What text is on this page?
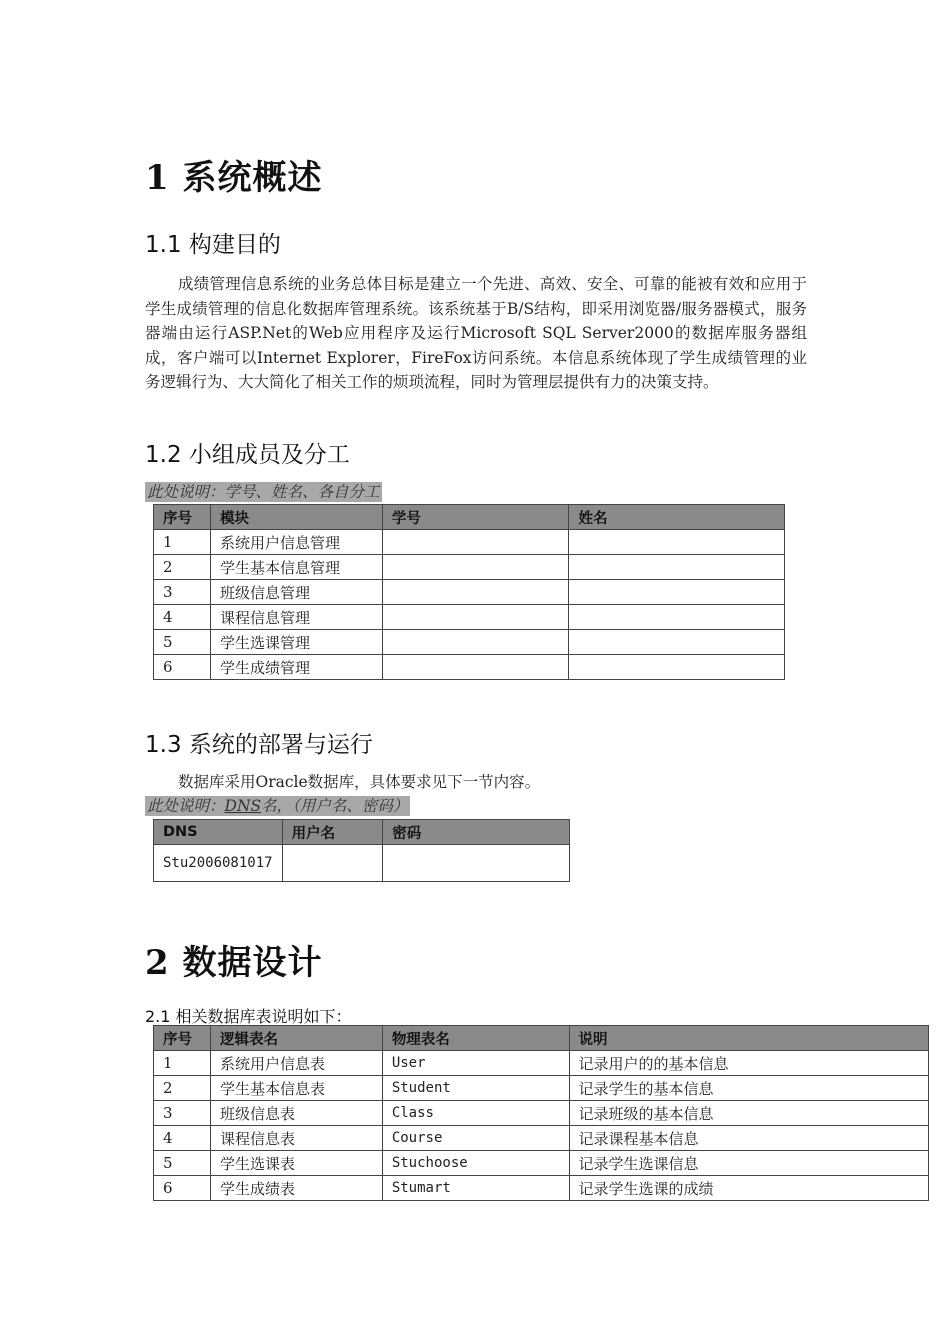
1 系统概述
1.1 构建目的

成绩管理信息系统的业务总体目标是建立一个先进、高效、安全、可靠的能被有效和应用于学生成绩管理的信息化数据库管理系统。该系统基于B/S结构，即采用浏览器/服务器模式，服务器端由运行ASP.Net的Web应用程序及运行Microsoft SQL Server2000的数据库服务器组成，客户端可以Internet Explorer，FireFox访问系统。本信息系统体现了学生成绩管理的业务逻辑行为、大大简化了相关工作的烦琐流程，同时为管理层提供有力的决策支持。

1.2 小组成员及分工
此处说明：学号、姓名、各自分工
序号	模块	学号	姓名
1	系统用户信息管理		
2	学生基本信息管理		
3	班级信息管理		
4	课程信息管理		
5	学生选课管理		
6	学生成绩管理		
1.3 系统的部署与运行

数据库采用Oracle数据库，具体要求见下一节内容。

此处说明：DNS名，（用户名、密码）
DNS	用户名	密码
Stu2006081017		
2 数据设计
2.1 相关数据库表说明如下：
序号	逻辑表名	物理表名	说明
1	系统用户信息表	User	记录用户的的基本信息
2	学生基本信息表	Student	记录学生的基本信息
3	班级信息表	Class	记录班级的基本信息
4	课程信息表	Course	记录课程基本信息
5	学生选课表	Stuchoose	记录学生选课信息
6	学生成绩表	Stumart	记录学生选课的成绩
